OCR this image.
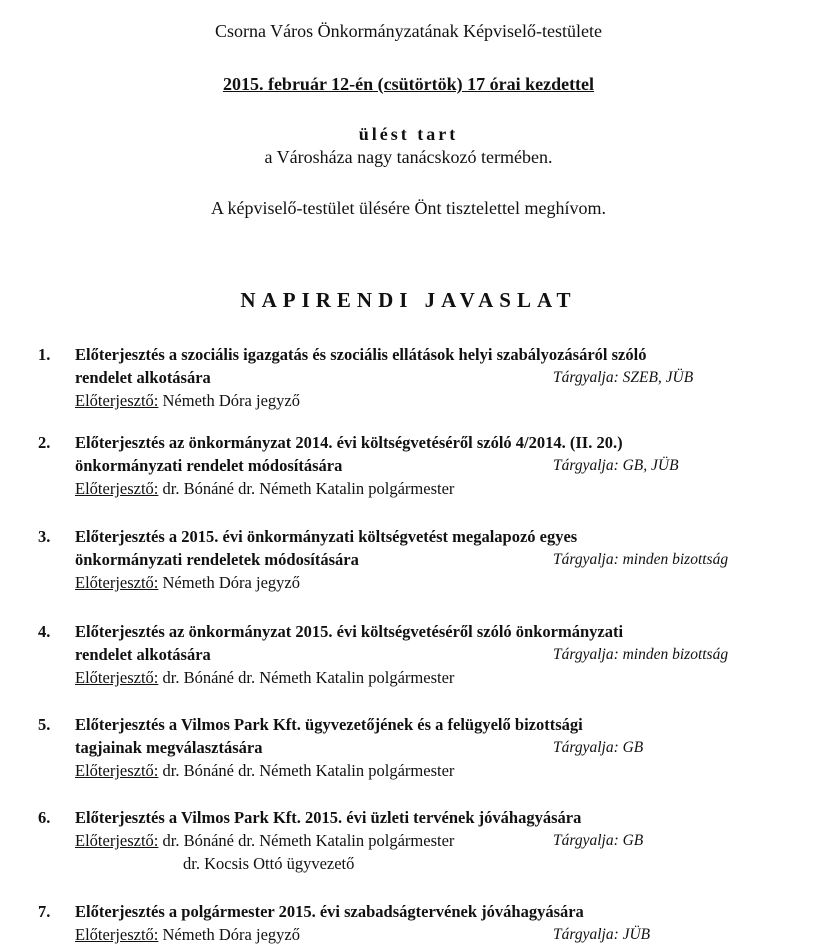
Csorna Város Önkormányzatának Képviselő-testülete
2015. február 12-én (csütörtök) 17 órai kezdettel
ülést tart
a Városháza nagy tanácskozó termében.
A képviselő-testület ülésére Önt tisztelettel meghívom.
NAPIRENDI JAVASLAT
1. Előterjesztés a szociális igazgatás és szociális ellátások helyi szabályozásáról szóló
rendelet alkotására	Tárgyalja: SZEB, JÜB
Előterjesztő: Németh Dóra jegyző
2. Előterjesztés az önkormányzat 2014. évi költségvetéséről szóló 4/2014. (II. 20.)
önkormányzati rendelet módosítására	Tárgyalja: GB, JÜB
Előterjesztő: dr. Bónáné dr. Németh Katalin polgármester
3. Előterjesztés a 2015. évi önkormányzati költségvetést megalapozó egyes
önkormányzati rendeletek módosítására	Tárgyalja: minden bizottság
Előterjesztő: Németh Dóra jegyző
4. Előterjesztés az önkormányzat 2015. évi költségvetéséről szóló önkormányzati
rendelet alkotására	Tárgyalja: minden bizottság
Előterjesztő: dr. Bónáné dr. Németh Katalin polgármester
5. Előterjesztés a Vilmos Park Kft. ügyvezetőjének és a felügyelő bizottsági
tagjainak megválasztására	Tárgyalja: GB
Előterjesztő: dr. Bónáné dr. Németh Katalin polgármester
6. Előterjesztés a Vilmos Park Kft. 2015. évi üzleti tervének jóváhagyására
Előterjesztő: dr. Bónáné dr. Németh Katalin polgármester	Tárgyalja: GB
dr. Kocsis Ottó ügyvezető
7. Előterjesztés a polgármester 2015. évi szabadságtervének jóváhagyására
Előterjesztő: Németh Dóra jegyző	Tárgyalja: JÜB
